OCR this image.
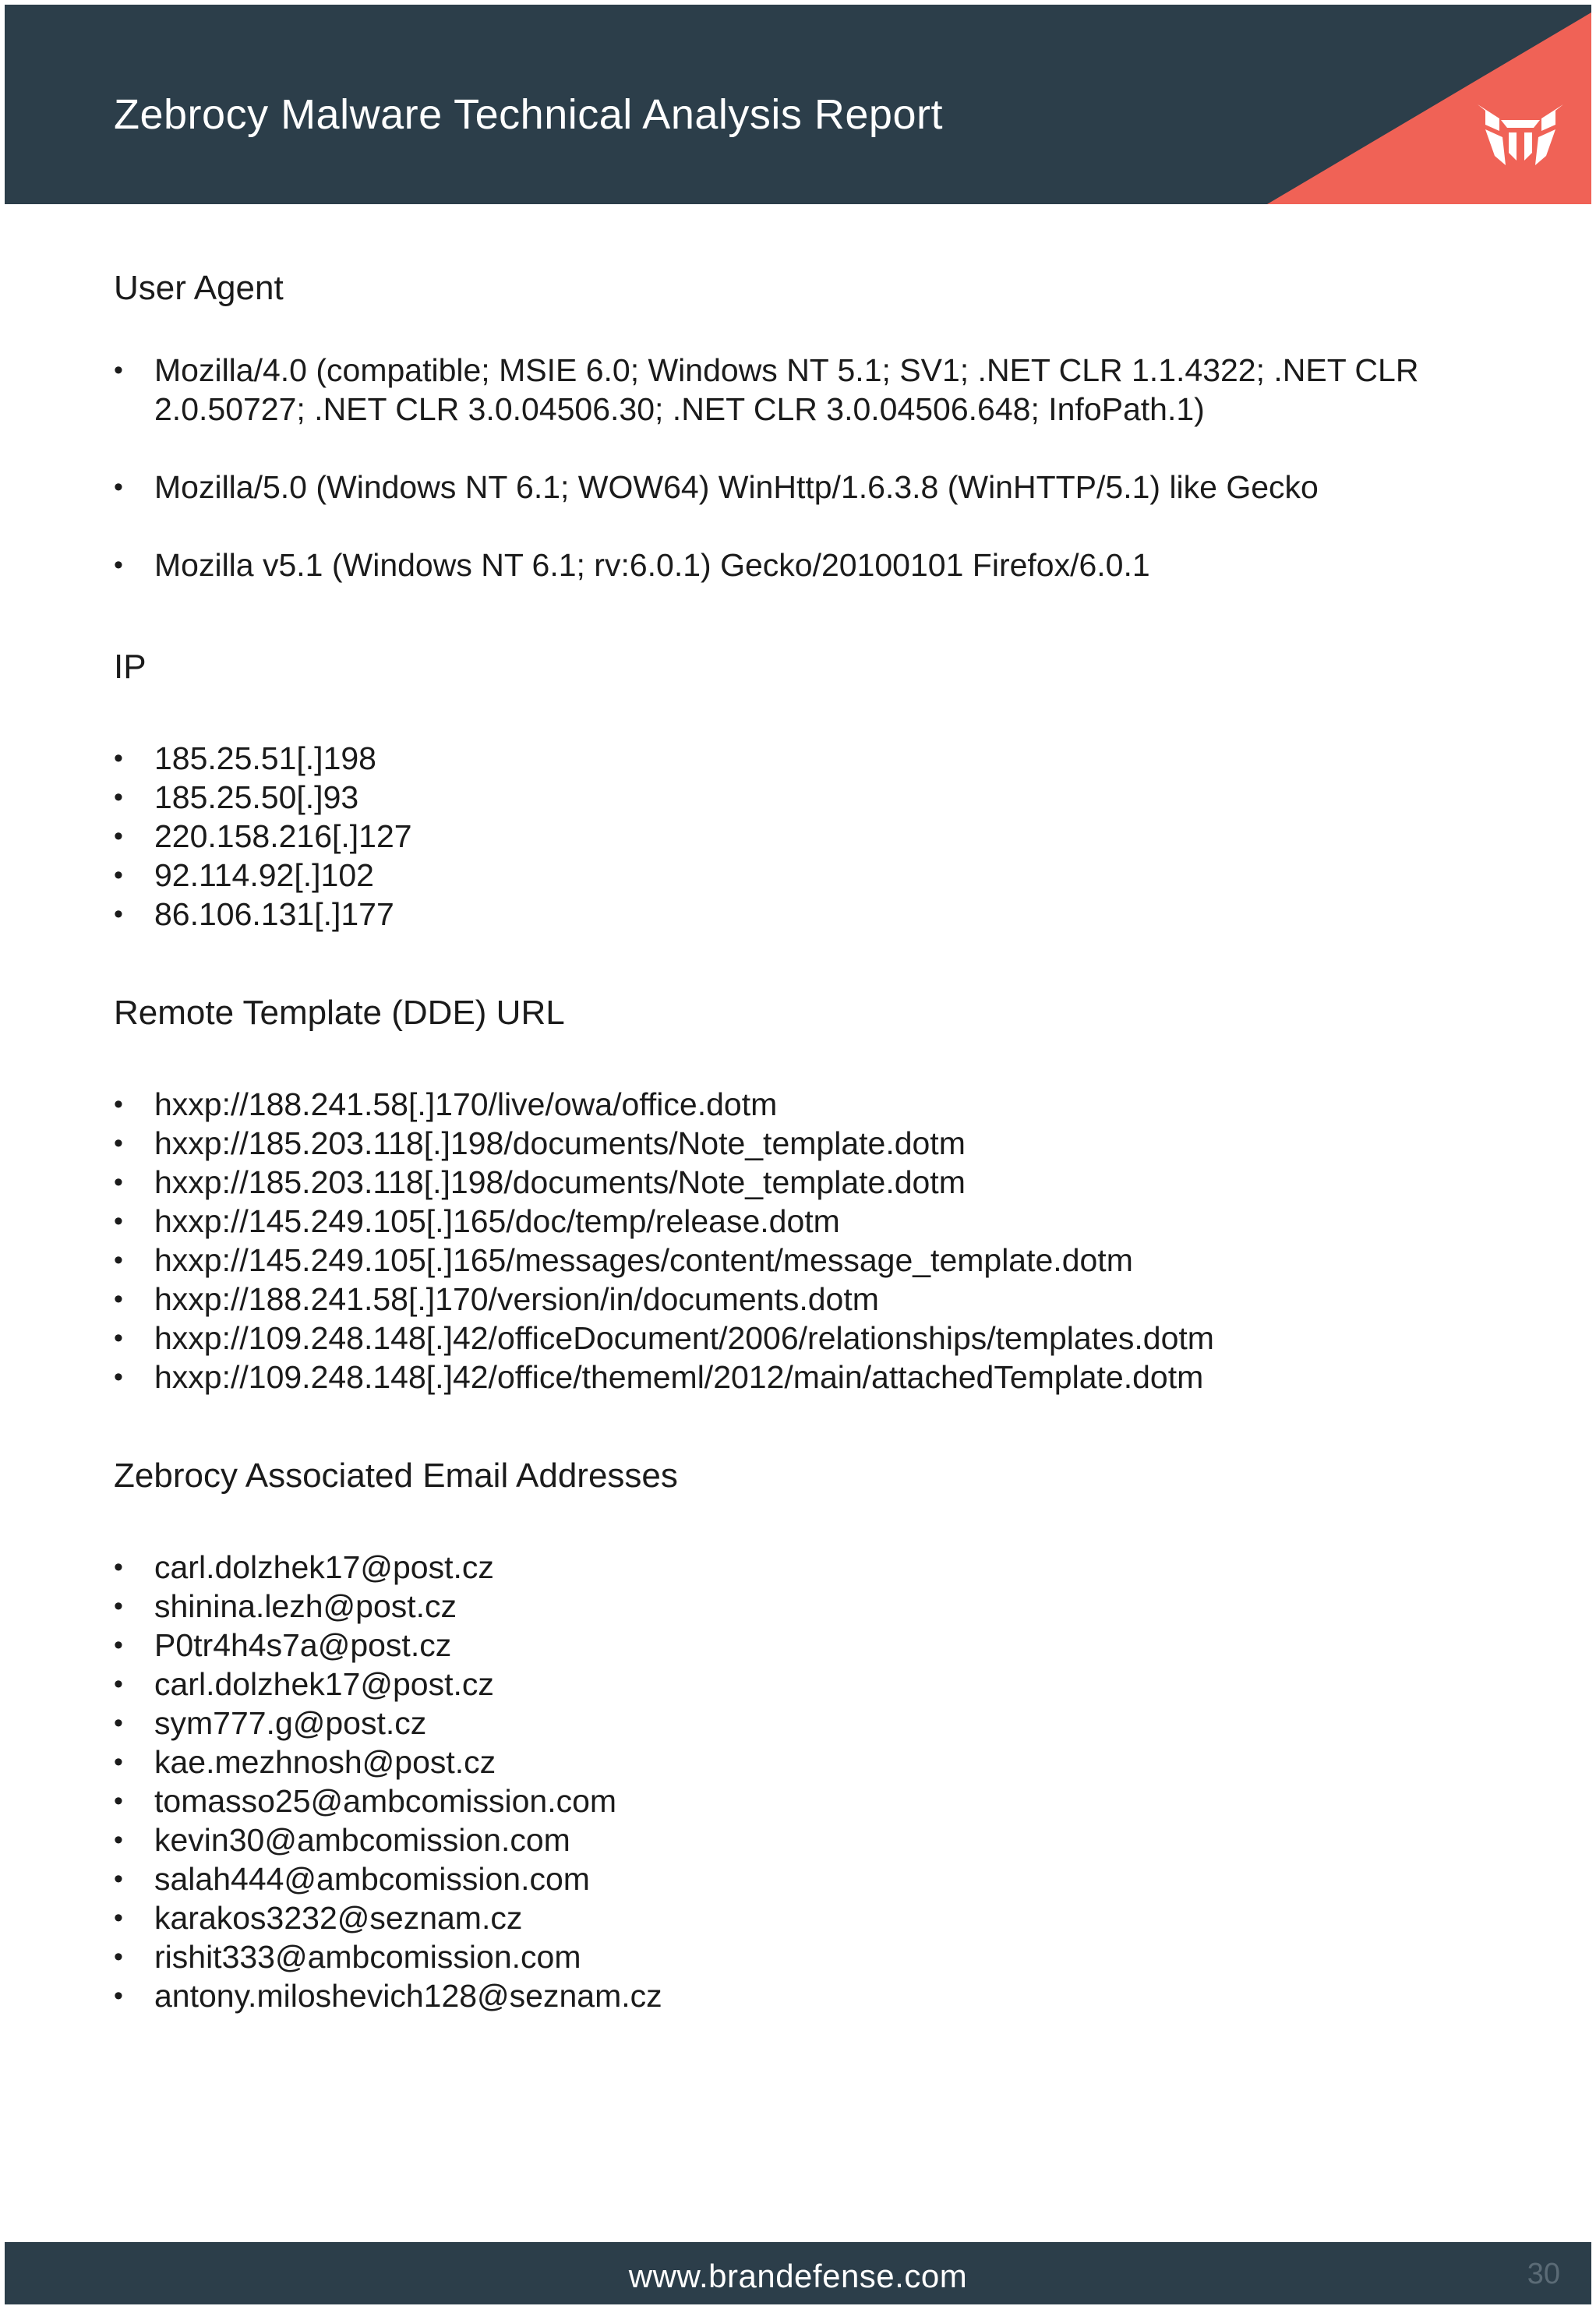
Zebrocy Malware Technical Analysis Report
User Agent
• Mozilla/4.0 (compatible; MSIE 6.0; Windows NT 5.1; SV1; .NET CLR 1.1.4322; .NET CLR 2.0.50727; .NET CLR 3.0.04506.30; .NET CLR 3.0.04506.648; InfoPath.1)
• Mozilla/5.0 (Windows NT 6.1; WOW64) WinHttp/1.6.3.8 (WinHTTP/5.1) like Gecko
• Mozilla v5.1 (Windows NT 6.1; rv:6.0.1) Gecko/20100101 Firefox/6.0.1
IP
• 185.25.51[.]198
• 185.25.50[.]93
• 220.158.216[.]127
• 92.114.92[.]102
• 86.106.131[.]177
Remote Template (DDE) URL
• hxxp://188.241.58[.]170/live/owa/office.dotm
• hxxp://185.203.118[.]198/documents/Note_template.dotm
• hxxp://185.203.118[.]198/documents/Note_template.dotm
• hxxp://145.249.105[.]165/doc/temp/release.dotm
• hxxp://145.249.105[.]165/messages/content/message_template.dotm
• hxxp://188.241.58[.]170/version/in/documents.dotm
• hxxp://109.248.148[.]42/officeDocument/2006/relationships/templates.dotm
• hxxp://109.248.148[.]42/office/thememl/2012/main/attachedTemplate.dotm
Zebrocy Associated Email Addresses
• carl.dolzhek17@post.cz
• shinina.lezh@post.cz
• P0tr4h4s7a@post.cz
• carl.dolzhek17@post.cz
• sym777.g@post.cz
• kae.mezhnosh@post.cz
• tomasso25@ambcomission.com
• kevin30@ambcomission.com
• salah444@ambcomission.com
• karakos3232@seznam.cz
• rishit333@ambcomission.com
• antony.miloshevich128@seznam.cz
www.brandefense.com	30
